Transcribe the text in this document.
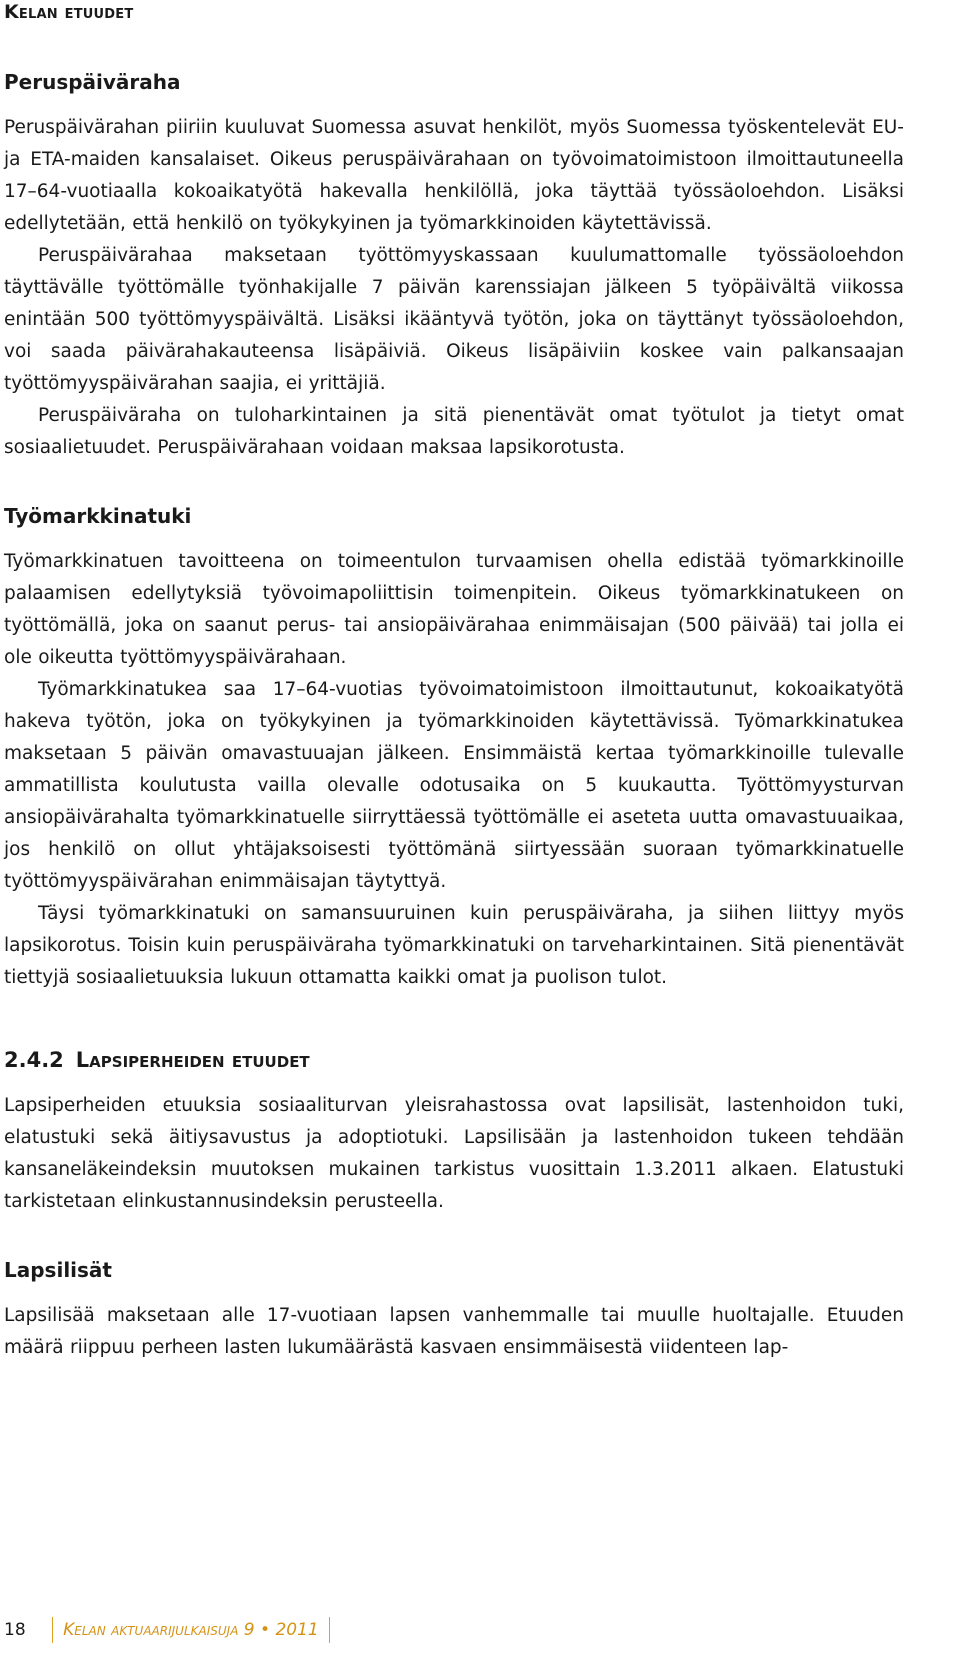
Kelan etuudet
Peruspäiväraha

Peruspäivärahan piiriin kuuluvat Suomessa asuvat henkilöt, myös Suomessa työskentelevät EU- ja ETA-maiden kansalaiset. Oikeus peruspäivärahaan on työvoimatoimistoon ilmoittautuneella 17–64-vuotiaalla kokoaikatyötä hakevalla henkilöllä, joka täyttää työssäoloehdon. Lisäksi edellytetään, että henkilö on työkykyinen ja työmarkkinoiden käytettävissä.

Peruspäivärahaa maksetaan työttömyyskassaan kuulumattomalle työssäoloehdon täyttävälle työttömälle työnhakijalle 7 päivän karenssiajan jälkeen 5 työpäivältä viikossa enintään 500 työttömyyspäivältä. Lisäksi ikääntyvä työtön, joka on täyttänyt työssäoloehdon, voi saada päivärahakauteensa lisäpäiviä. Oikeus lisäpäiviin koskee vain palkansaajan työttömyyspäivärahan saajia, ei yrittäjiä.

Peruspäiväraha on tuloharkintainen ja sitä pienentävät omat työtulot ja tietyt omat sosiaalietuudet. Peruspäivärahaan voidaan maksaa lapsikorotusta.

Työmarkkinatuki

Työmarkkinatuen tavoitteena on toimeentulon turvaamisen ohella edistää työmarkkinoille palaamisen edellytyksiä työvoimapoliittisin toimenpitein. Oikeus työmarkkinatukeen on työttömällä, joka on saanut perus- tai ansiopäivärahaa enimmäisajan (500 päivää) tai jolla ei ole oikeutta työttömyyspäivärahaan.

Työmarkkinatukea saa 17–64-vuotias työvoimatoimistoon ilmoittautunut, kokoaikatyötä hakeva työtön, joka on työkykyinen ja työmarkkinoiden käytettävissä. Työmarkkinatukea maksetaan 5 päivän omavastuuajan jälkeen. Ensimmäistä kertaa työmarkkinoille tulevalle ammatillista koulutusta vailla olevalle odotusaika on 5 kuukautta. Työttömyysturvan ansiopäivärahalta työmarkkinatuelle siirryttäessä työttömälle ei aseteta uutta omavastuuaikaa, jos henkilö on ollut yhtäjaksoisesti työttömänä siirtyessään suoraan työmarkkinatuelle työttömyyspäivärahan enimmäisajan täytyttyä.

Täysi työmarkkinatuki on samansuuruinen kuin peruspäiväraha, ja siihen liittyy myös lapsikorotus. Toisin kuin peruspäiväraha työmarkkinatuki on tarveharkintainen. Sitä pienentävät tiettyjä sosiaalietuuksia lukuun ottamatta kaikki omat ja puolison tulot.

2.4.2 Lapsiperheiden etuudet

Lapsiperheiden etuuksia sosiaaliturvan yleisrahastossa ovat lapsilisät, lastenhoidon tuki, elatustuki sekä äitiysavustus ja adoptiotuki. Lapsilisään ja lastenhoidon tukeen tehdään kansaneläkeindeksin muutoksen mukainen tarkistus vuosittain 1.3.2011 alkaen. Elatustuki tarkistetaan elinkustannusindeksin perusteella.

Lapsilisät

Lapsilisää maksetaan alle 17-vuotiaan lapsen vanhemmalle tai muulle huoltajalle. Etuuden määrä riippuu perheen lasten lukumäärästä kasvaen ensimmäisestä viidenteen lap-

18 Kelan aktuaarijulkaisuja 9 • 2011
